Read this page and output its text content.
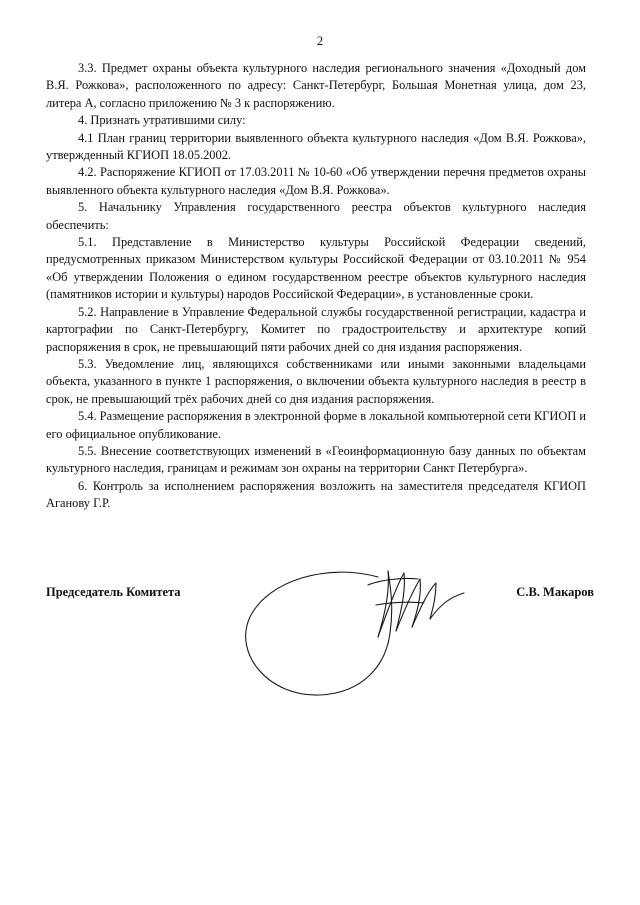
2

3.3. Предмет охраны объекта культурного наследия регионального значения «Доходный дом В.Я. Рожкова», расположенного по адресу: Санкт-Петербург, Большая Монетная улица, дом 23, литера А, согласно приложению № 3 к распоряжению.

4. Признать утратившими силу:

4.1 План границ территории выявленного объекта культурного наследия «Дом В.Я. Рожкова», утвержденный КГИОП 18.05.2002.

4.2. Распоряжение КГИОП от 17.03.2011 № 10-60 «Об утверждении перечня предметов охраны выявленного объекта культурного наследия «Дом В.Я. Рожкова».

5. Начальнику Управления государственного реестра объектов культурного наследия обеспечить:

5.1. Представление в Министерство культуры Российской Федерации сведений, предусмотренных приказом Министерством культуры Российской Федерации от 03.10.2011 № 954 «Об утверждении Положения о едином государственном реестре объектов культурного наследия (памятников истории и культуры) народов Российской Федерации», в установленные сроки.

5.2. Направление в Управление Федеральной службы государственной регистрации, кадастра и картографии по Санкт-Петербургу, Комитет по градостроительству и архитектуре копий распоряжения в срок, не превышающий пяти рабочих дней со дня издания распоряжения.

5.3. Уведомление лиц, являющихся собственниками или иными законными владельцами объекта, указанного в пункте 1 распоряжения, о включении объекта культурного наследия в реестр в срок, не превышающий трёх рабочих дней со дня издания распоряжения.

5.4. Размещение распоряжения в электронной форме в локальной компьютерной сети КГИОП и его официальное опубликование.

5.5. Внесение соответствующих изменений в «Геоинформационную базу данных по объектам культурного наследия, границам и режимам зон охраны на территории Санкт Петербурга».

6. Контроль за исполнением распоряжения возложить на заместителя председателя КГИОП Аганову Г.Р.

Председатель Комитета	С.В. Макаров
